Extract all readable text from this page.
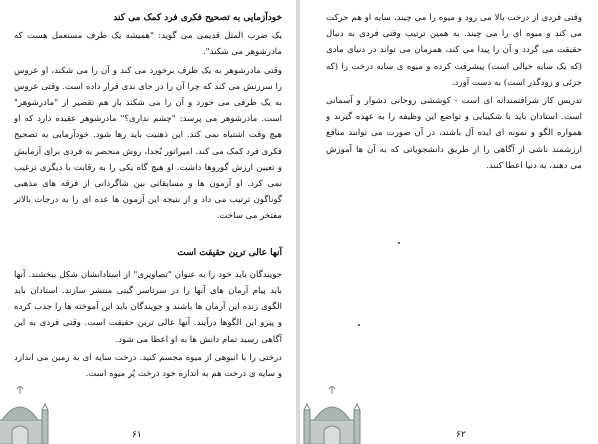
خودآزمایی به تصحیح فکری فرد کمک می کند

یک ضرب المثل قدیمی می گوید: "همیشه یک طرف مستعمل هست که مادرشوهر می شکند".

وقتی مادرشوهر به یک ظرف برخورد می کند و آن را می شکند، او عروس را سرزنش می کند که چرا آن را در جای بدی قرار داده است. وقتی عروس به یک ظرفی می خورد و آن را می شکند باز هم تقصیر از "مادرشوهر" است. مادرشوهر می پرسد: "چشم نداری؟" مادرشوهر عقیده دارد که او هیچ وقت اشتباه نمی کند. این ذهنیت باید رها شود. خودآزمایی به تصحیح فکری فرد کمک می کند. امپراتور بُجدا، روش منحصر به فردی برای آزمایش و تعیین ارزش گوروها داشت. او هیچ گاه یکی را به رقابت با دیگری ترغیب نمی کرد. او آزمون ها و مسابقاتی بین شاگردانی از فرقه های مذهبی گوناگون ترتیب می داد و از نتیجه این آزمون ها عده ای را به درجات بالاتر مفتخر می ساخت.

آنها عالی ترین حقیقت است

جویندگان باید خود را به عنوان "تصاویری" از استادانشان شکل ببخشند. آنها باید پیام آرمان های آنها را در سرتاسر گیتی منتشر سازند. استادان باید الگوی زنده این آرمان ها باشند و جویندگان باید این آموخته ها را جذب کرده و پیرو این الگوها درآیند. آنها عالی ترین حقیقت است. وقتی فردی به این آگاهی رسید تمام دانش ها به او اعطا می شود.

درختی را با انبوهی از میوه مجسم کنید. درخت سایه ای به زمین می اندازد و سایه ی درخت هم به اندازه خود درخت پُر میوه است.

۶۱

وقتی فردی از درخت بالا می رود و میوه را می چیند، سایه او هم حرکت می کند و میوه ای را می چیند. به همین ترتیب وقتی فردی به دنبال حقیقت می گردد و آن را پیدا می کند، همزمان می تواند در دنیای مادی (که یک سایه خیالی است) پیشرفت کرده و میوه ی سایه درخت را (که جزئی و زودگذر است) به دست آورد.

تدریس کار شرافتمندانه ای است - کوششی روحانی دشوار و آسمانی است. استادان باید با شکیبایی و تواضع این وظیفه را به عهده گیرند و همواره الگو و نمونه ای ایده آل باشند، در آن صورت می توانند منافع ارزشمند ناشی از آگاهی را از طریق دانشجویانی که به آن ها آموزش می دهند، به دنیا اعطا کنند.

۶۲
